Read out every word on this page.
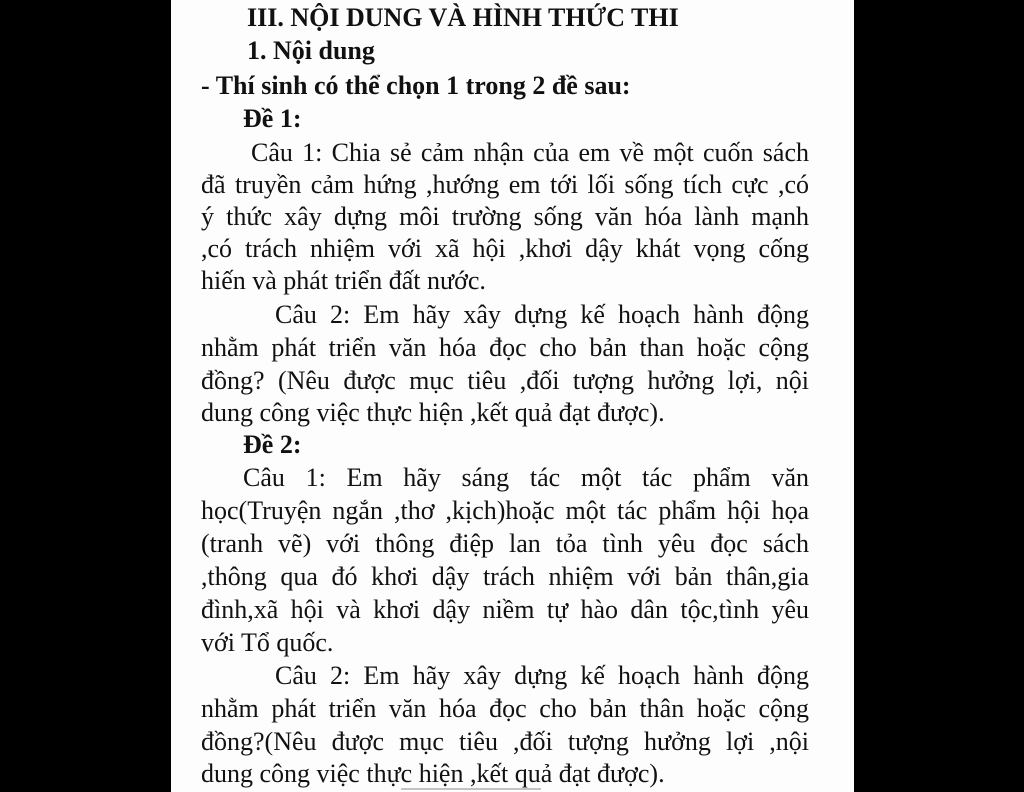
III. NỘI DUNG VÀ HÌNH THỨC THI
1. Nội dung
- Thí sinh có thể chọn 1 trong 2 đề sau:
Đề 1:
Câu 1: Chia sẻ cảm nhận của em về một cuốn sách
đã truyền cảm hứng ,hướng em tới lối sống tích cực ,có
ý thức xây dựng môi trường sống văn hóa lành mạnh
,có trách nhiệm với xã hội ,khơi dậy khát vọng cống
hiến và phát triển đất nước.
Câu 2: Em hãy xây dựng kế hoạch hành động
nhằm phát triển văn hóa đọc cho bản than hoặc cộng
đồng? (Nêu được mục tiêu ,đối tượng hưởng lợi, nội
dung công việc thực hiện ,kết quả đạt được).
Đề 2:
Câu 1: Em hãy sáng tác một tác phẩm văn
học(Truyện ngắn ,thơ ,kịch)hoặc một tác phẩm hội họa
(tranh vẽ) với thông điệp lan tỏa tình yêu đọc sách
,thông qua đó khơi dậy trách nhiệm với bản thân,gia
đình,xã hội và khơi dậy niềm tự hào dân tộc,tình yêu
với Tổ quốc.
Câu 2: Em hãy xây dựng kế hoạch hành động
nhằm phát triển văn hóa đọc cho bản thân hoặc cộng
đồng?(Nêu được mục tiêu ,đối tượng hưởng lợi ,nội
dung công việc thực hiện ,kết quả đạt được).
